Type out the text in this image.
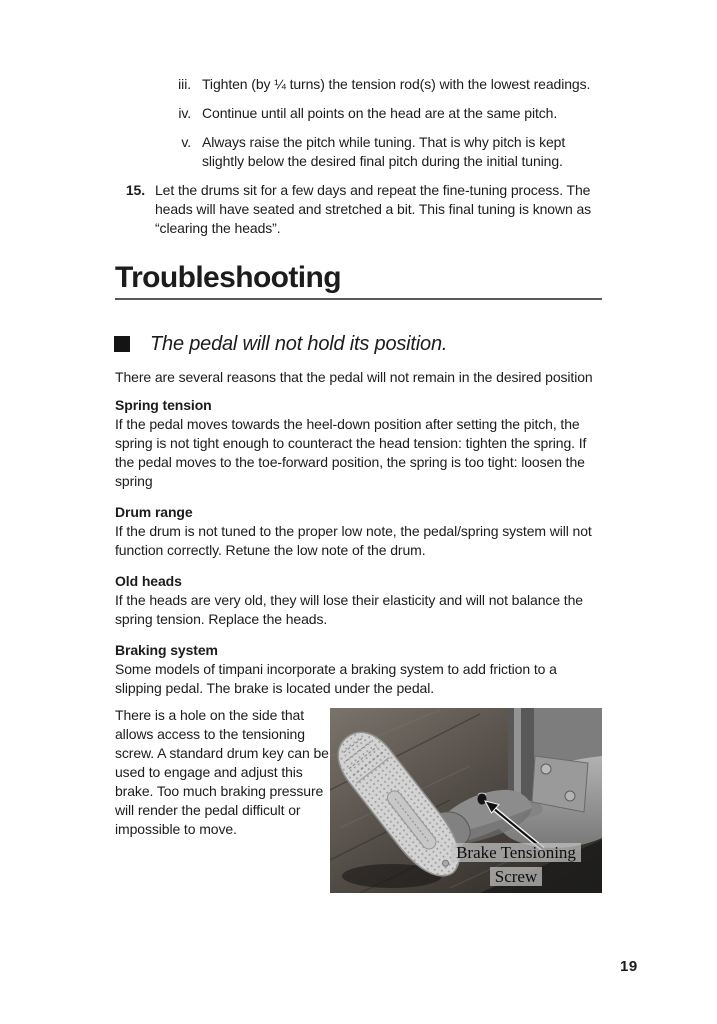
iii. Tighten (by ¼ turns) the tension rod(s) with the lowest readings.
iv. Continue until all points on the head are at the same pitch.
v. Always raise the pitch while tuning. That is why pitch is kept slightly below the desired final pitch during the initial tuning.
15. Let the drums sit for a few days and repeat the fine-tuning process. The heads will have seated and stretched a bit. This final tuning is known as “clearing the heads”.
Troubleshooting
The pedal will not hold its position.

There are several reasons that the pedal will not remain in the desired position

Spring tension

If the pedal moves towards the heel-down position after setting the pitch, the spring is not tight enough to counteract the head tension: tighten the spring. If the pedal moves to the toe-forward position, the spring is too tight: loosen the spring

Drum range

If the drum is not tuned to the proper low note, the pedal/spring system will not function correctly. Retune the low note of the drum.

Old heads

If the heads are very old, they will lose their elasticity and will not balance the spring tension. Replace the heads.

Braking system

Some models of timpani incorporate a braking system to add friction to a slipping pedal. The brake is located under the pedal.

There is a hole on the side that allows access to the tensioning screw. A standard drum key can be used to engage and adjust this brake. Too much braking pressure will render the pedal difficult or impossible to move.

Brake Tensioning Screw
19
